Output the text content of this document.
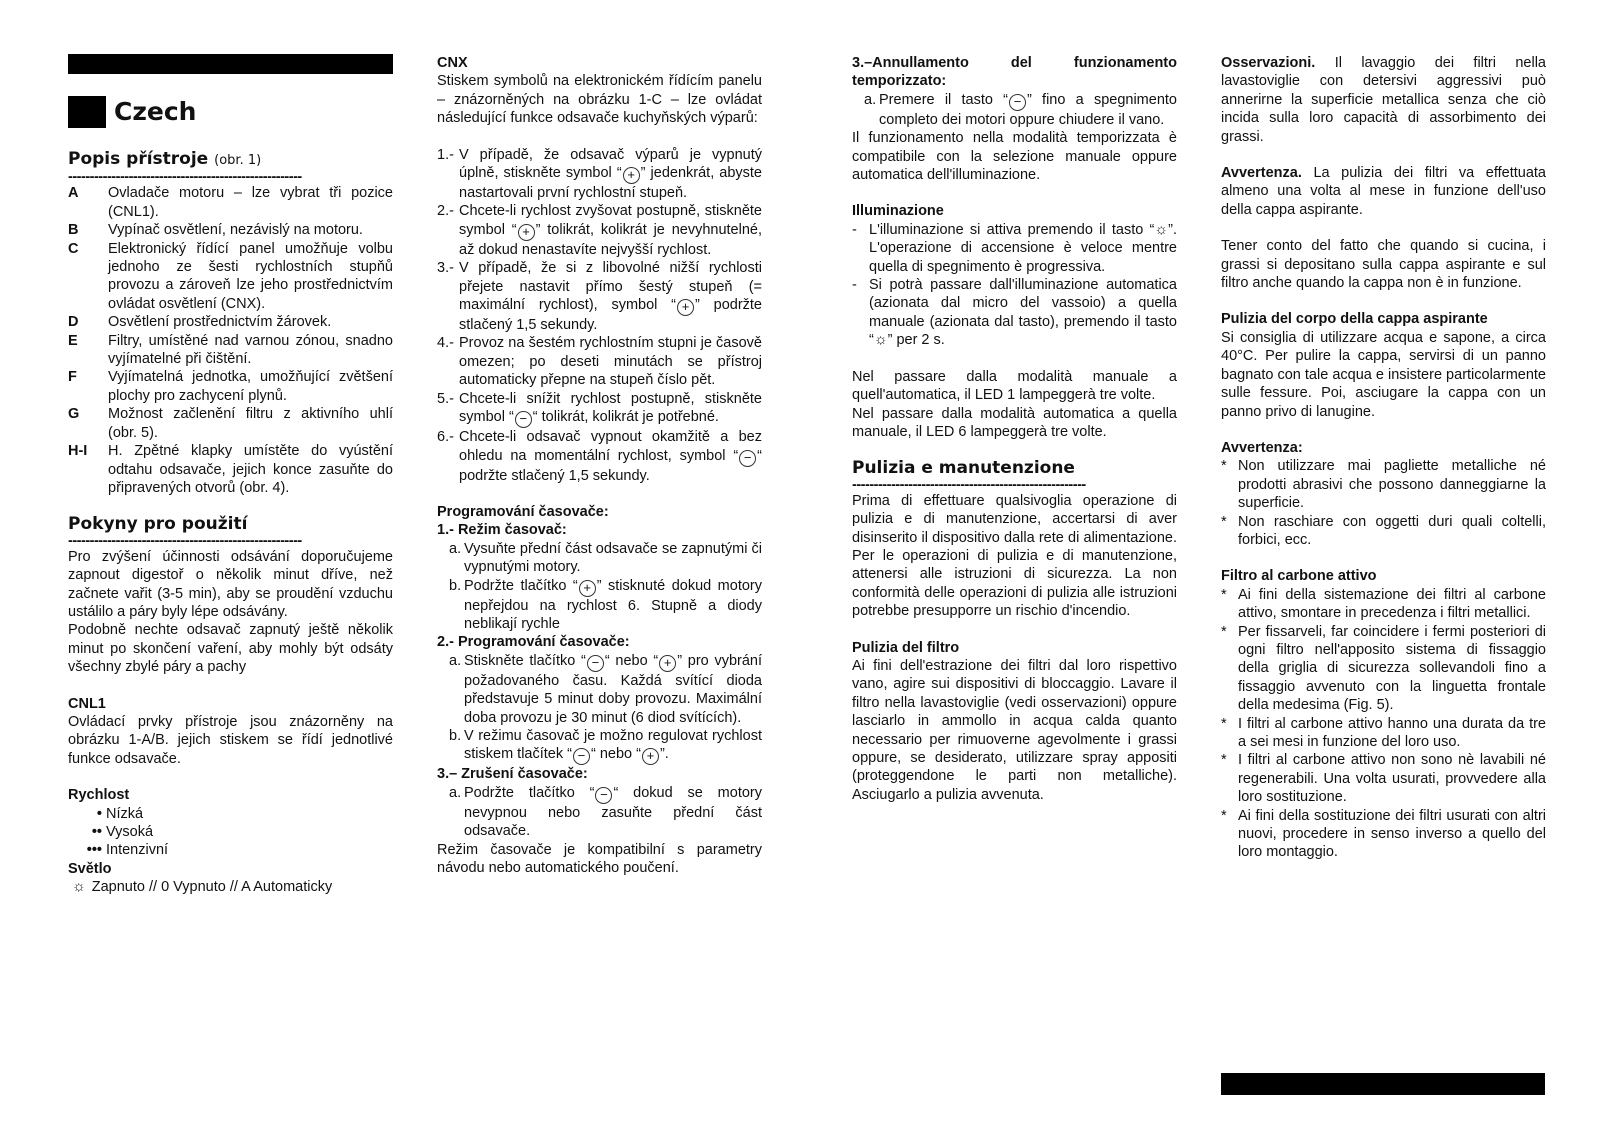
Czech
Popis přístroje (obr. 1)
------------------------------------------------------
A	Ovladače motoru – lze vybrat tři pozice (CNL1).
B	Vypínač osvětlení, nezávislý na motoru.
C	Elektronický řídící panel umožňuje volbu jednoho ze šesti rychlostních stupňů provozu a zároveň lze jeho prostřednictvím ovládat osvětlení (CNX).
D	Osvětlení prostřednictvím žárovek.
E	Filtry, umístěné nad varnou zónou, snadno vyjímatelné při čištění.
F	Vyjímatelná jednotka, umožňující zvětšení plochy pro zachycení plynů.
G	Možnost začlenění filtru z aktivního uhlí (obr. 5).
H-I	H. Zpětné klapky umístěte do vyústění odtahu odsavače, jejich konce zasuňte do připravených otvorů (obr. 4).
Pokyny pro použití
------------------------------------------------------

Pro zvýšení účinnosti odsávání doporučujeme zapnout digestoř o několik minut dříve, než začnete vařit (3-5 min), aby se proudění vzduchu ustálilo a páry byly lépe odsávány.

Podobně nechte odsavač zapnutý ještě několik minut po skončení vaření, aby mohly být odsáty všechny zbylé páry a pachy

CNL1

Ovládací prvky přístroje jsou znázorněny na obrázku 1-A/B. jejich stiskem se řídí jednotlivé funkce odsavače.

Rychlost
• Nízká
•• Vysoká
••• Intenzivní
Světlo
☼ Zapnuto // 0 Vypnuto // A Automaticky
CNX

Stiskem symbolů na elektronickém řídícím panelu – znázorněných na obrázku 1-C – lze ovládat následující funkce odsavače kuchyňských výparů:

1.- V případě, že odsavač výparů je vypnutý úplně, stiskněte symbol “ + ” jedenkrát, abyste nastartovali první rychlostní stupeň.
2.- Chcete-li rychlost zvyšovat postupně, stiskněte symbol “ + ” tolikrát, kolikrát je nevyhnutelné, až dokud nenastavíte nejvyšší rychlost.
3.- V případě, že si z libovolné nižší rychlosti přejete nastavit přímo šestý stupeň (= maximální rychlost), symbol “ + ” podržte stlačený 1,5 sekundy.
4.- Provoz na šestém rychlostním stupni je časově omezen; po deseti minutách se přístroj automaticky přepne na stupeň číslo pět.
5.- Chcete-li snížit rychlost postupně, stiskněte symbol “ − “ tolikrát, kolikrát je potřebné.
6.- Chcete-li odsavač vypnout okamžitě a bez ohledu na momentální rychlost, symbol “ − “ podržte stlačený 1,5 sekundy.
Programování časovače:
1.- Režim časovač:
a. Vysuňte přední část odsavače se zapnutými či vypnutými motory.
b. Podržte tlačítko “ + ” stisknuté dokud motory nepřejdou na rychlost 6. Stupně a diody neblikají rychle
2.- Programování časovače:
a. Stiskněte tlačítko “ − “ nebo “ + ” pro vybrání požadovaného času. Každá svítící dioda představuje 5 minut doby provozu. Maximální doba provozu je 30 minut (6 diod svítících).
b. V režimu časovač je možno regulovat rychlost stiskem tlačítek “ − “ nebo “ + ”.
3.– Zrušení časovače:
a. Podržte tlačítko “ − “ dokud se motory nevypnou nebo zasuňte přední část odsavače.

Režim časovače je kompatibilní s parametry návodu nebo automatického poučení.

3.–Annullamento del funzionamento temporizzato:
a. Premere il tasto “ − ” fino a spegnimento completo dei motori oppure chiudere il vano.

Il funzionamento nella modalità temporizzata è compatibile con la selezione manuale oppure automatica dell'illuminazione.

Illuminazione
- L'illuminazione si attiva premendo il tasto “☼”. L'operazione di accensione è veloce mentre quella di spegnimento è progressiva.
- Si potrà passare dall'illuminazione automatica (azionata dal micro del vassoio) a quella manuale (azionata dal tasto), premendo il tasto “☼” per 2 s.

Nel passare dalla modalità manuale a quell'automatica, il LED 1 lampeggerà tre volte.

Nel passare dalla modalità automatica a quella manuale, il LED 6 lampeggerà tre volte.

Pulizia e manutenzione
------------------------------------------------------

Prima di effettuare qualsivoglia operazione di pulizia e di manutenzione, accertarsi di aver disinserito il dispositivo dalla rete di alimentazione. Per le operazioni di pulizia e di manutenzione, attenersi alle istruzioni di sicurezza. La non conformità delle operazioni di pulizia alle istruzioni potrebbe presupporre un rischio d'incendio.

Pulizia del filtro

Ai fini dell'estrazione dei filtri dal loro rispettivo vano, agire sui dispositivi di bloccaggio. Lavare il filtro nella lavastoviglie (vedi osservazioni) oppure lasciarlo in ammollo in acqua calda quanto necessario per rimuoverne agevolmente i grassi oppure, se desiderato, utilizzare spray appositi (proteggendone le parti non metalliche). Asciugarlo a pulizia avvenuta.

Osservazioni. Il lavaggio dei filtri nella lavastoviglie con detersivi aggressivi può annerirne la superficie metallica senza che ciò incida sulla loro capacità di assorbimento dei grassi.

Avvertenza. La pulizia dei filtri va effettuata almeno una volta al mese in funzione dell'uso della cappa aspirante.

Tener conto del fatto che quando si cucina, i grassi si depositano sulla cappa aspirante e sul filtro anche quando la cappa non è in funzione.

Pulizia del corpo della cappa aspirante

Si consiglia di utilizzare acqua e sapone, a circa 40°C. Per pulire la cappa, servirsi di un panno bagnato con tale acqua e insistere particolarmente sulle fessure. Poi, asciugare la cappa con un panno privo di lanugine.

Avvertenza:
* Non utilizzare mai pagliette metalliche né prodotti abrasivi che possono danneggiarne la superficie.
* Non raschiare con oggetti duri quali coltelli, forbici, ecc.
Filtro al carbone attivo
* Ai fini della sistemazione dei filtri al carbone attivo, smontare in precedenza i filtri metallici.
* Per fissarveli, far coincidere i fermi posteriori di ogni filtro nell'apposito sistema di fissaggio della griglia di sicurezza sollevandoli fino a fissaggio avvenuto con la linguetta frontale della medesima (Fig. 5).
* I filtri al carbone attivo hanno una durata da tre a sei mesi in funzione del loro uso.
* I filtri al carbone attivo non sono nè lavabili né regenerabili. Una volta usurati, provvedere alla loro sostituzione.
* Ai fini della sostituzione dei filtri usurati con altri nuovi, procedere in senso inverso a quello del loro montaggio.
